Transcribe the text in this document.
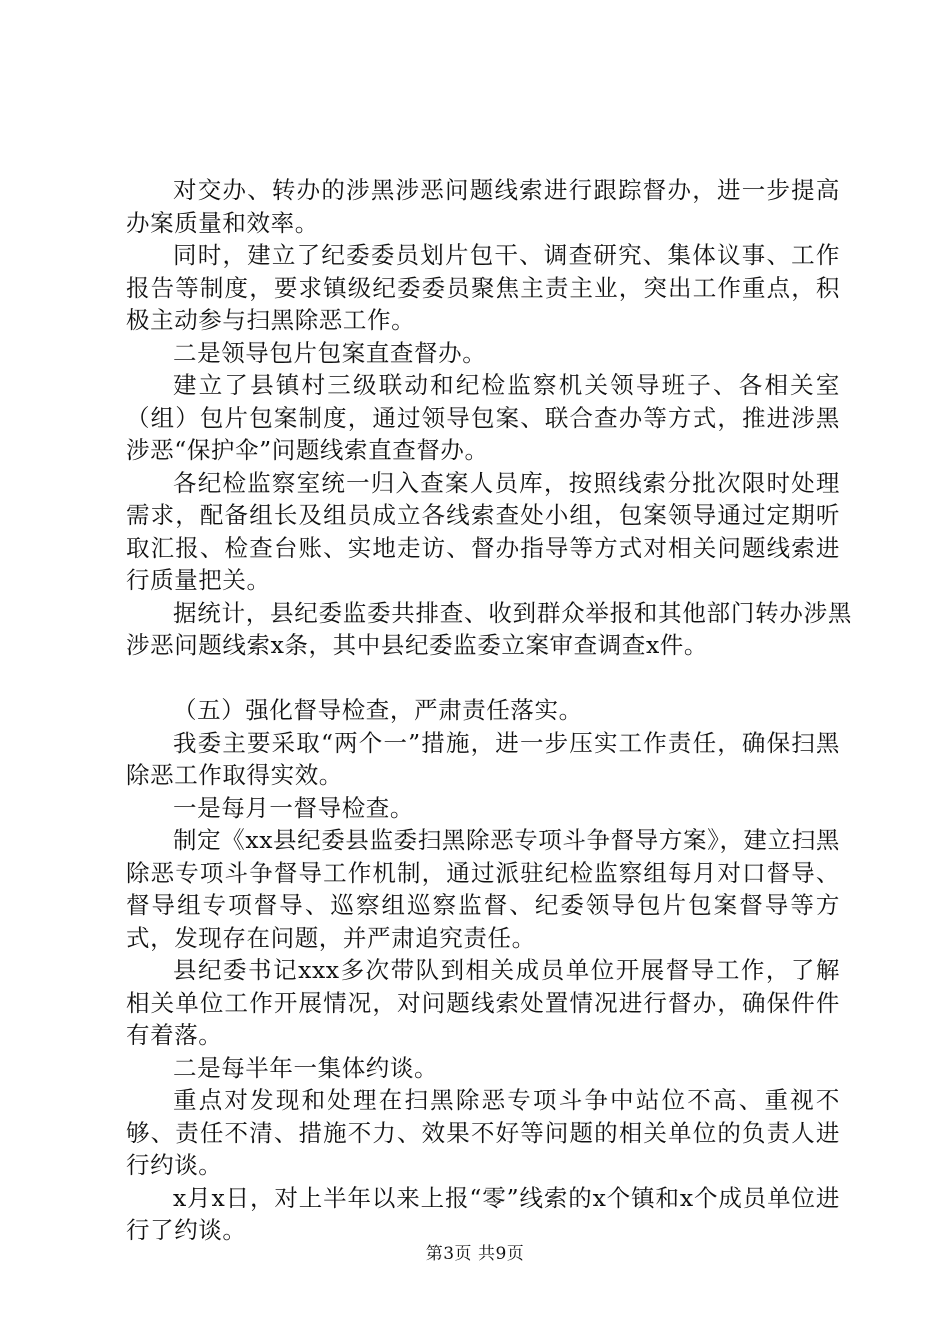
对交办、转办的涉黑涉恶问题线索进行跟踪督办，进一步提高办案质量和效率。

同时，建立了纪委委员划片包干、调查研究、集体议事、工作报告等制度，要求镇级纪委委员聚焦主责主业，突出工作重点，积极主动参与扫黑除恶工作。

二是领导包片包案直查督办。

建立了县镇村三级联动和纪检监察机关领导班子、各相关室（组）包片包案制度，通过领导包案、联合查办等方式，推进涉黑涉恶“保护伞”问题线索直查督办。

各纪检监察室统一归入查案人员库，按照线索分批次限时处理需求，配备组长及组员成立各线索查处小组，包案领导通过定期听取汇报、检查台账、实地走访、督办指导等方式对相关问题线索进行质量把关。

据统计，县纪委监委共排查、收到群众举报和其他部门转办涉黑涉恶问题线索x条，其中县纪委监委立案审查调查x件。

（五）强化督导检查，严肃责任落实。

我委主要采取“两个一”措施，进一步压实工作责任，确保扫黑除恶工作取得实效。

一是每月一督导检查。

制定《xx县纪委县监委扫黑除恶专项斗争督导方案》，建立扫黑除恶专项斗争督导工作机制，通过派驻纪检监察组每月对口督导、督导组专项督导、巡察组巡察监督、纪委领导包片包案督导等方式，发现存在问题，并严肃追究责任。

县纪委书记xxx多次带队到相关成员单位开展督导工作，了解相关单位工作开展情况，对问题线索处置情况进行督办，确保件件有着落。

二是每半年一集体约谈。

重点对发现和处理在扫黑除恶专项斗争中站位不高、重视不够、责任不清、措施不力、效果不好等问题的相关单位的负责人进行约谈。

x月x日，对上半年以来上报“零”线索的x个镇和x个成员单位进行了约谈。

第3页 共9页
